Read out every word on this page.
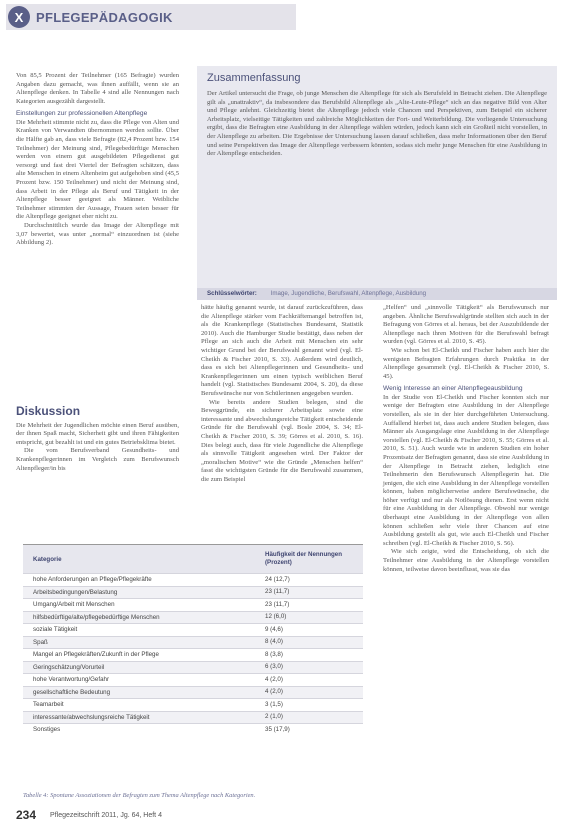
X PFLEGEPÄDAGOGIK

Von 85,5 Prozent der Teilnehmer (165 Befragte) wurden Angaben dazu gemacht, was ihnen auffällt, wenn sie an Altenpflege denken. In Tabelle 4 sind alle Nennungen nach Kategorien ausgezählt dargestellt.

Einstellungen zur professionellen Altenpflege

Die Mehrheit stimmte nicht zu, dass die Pflege von Alten und Kranken von Verwandten übernommen werden sollte. Über die Hälfte gab an, dass viele Befragte (82,4 Prozent bzw. 154 Teilnehmer) der Meinung sind, Pflegebedürftige Menschen werden von einem gut ausgebildeten Pflegedienst gut versorgt und fast drei Viertel der Befragten schätzen, dass alte Menschen in einem Altenheim gut aufgehoben sind (45,5 Prozent bzw. 150 Teilnehmer) und nicht der Meinung sind, dass Arbeit in der Pflege als Beruf und Tätigkeit in der Altenpflege besser geeignet als Männer. Weibliche Teilnehmer stimmten der Aussage, Frauen seien besser für die Altenpflege geeignet eher nicht zu.

Durchschnittlich wurde das Image der Altenpflege mit 3,07 bewertet, was unter „normal“ einzuordnen ist (siehe Abbildung 2).

Diskussion

Die Mehrheit der Jugendlichen möchte einen Beruf ausüben, der ihnen Spaß macht, Sicherheit gibt und ihren Fähigkeiten entspricht, gut bezahlt ist und ein gutes Betriebsklima bietet.

Die vom Berufsverband Gesundheits- und Krankenpflegerinnen im Vergleich zum Berufswunsch Altenpfleger/in bis

Zusammenfassung
Der Artikel untersucht die Frage, ob junge Menschen die Altenpflege für sich als Berufsfeld in Betracht ziehen. Die Altenpflege gilt als „unattraktiv“, da insbesondere das Berufsbild Altenpflege als „Alte-Leute-Pflege“ sich an das negative Bild von Alter und Pflege anlehnt. Gleichzeitig bietet die Altenpflege jedoch viele Chancen und Perspektiven, zum Beispiel ein sicherer Arbeitsplatz, vielseitige Tätigkeiten und zahlreiche Möglichkeiten der Fort- und Weiterbildung. Die vorliegende Untersuchung ergibt, dass die Befragten eine Ausbildung in der Altenpflege wählen würden, jedoch kann sich ein Großteil nicht vorstellen, in der Altenpflege zu arbeiten. Die Ergebnisse der Untersuchung lassen darauf schließen, dass mehr Informationen über den Beruf und seine Perspektiven das Image der Altenpflege verbessern könnten, sodass sich mehr junge Menschen für eine Ausbildung in der Altenpflege entscheiden.
Schlüsselwörter: Image, Jugendliche, Berufswahl, Altenpflege, Ausbildung

hätte häufig genannt wurde, ist darauf zurückzuführen, dass die Altenpflege stärker vom Fachkräftemangel betroffen ist, als die Krankenpflege (Statistisches Bundesamt, Statistik 2010). Auch die Hamburger Studie bestätigt, dass neben der Pflege an sich auch die Arbeit mit Menschen ein sehr wichtiger Grund bei der Berufswahl genannt wird (vgl. El-Cheikh & Fischer 2010, S. 33). Außerdem wird deutlich, dass es sich bei Altenpflegerinnen und Gesundheits- und Krankenpflegerinnen um einen typisch weiblichen Beruf handelt (vgl. Statistisches Bundesamt 2004, S. 20), da diese Berufswünsche nur von Schülerinnen angegeben wurden.

Wie bereits andere Studien belegen, sind die Beweggründe, ein sicherer Arbeitsplatz sowie eine interessante und abwechslungsreiche Tätigkeit entscheidende Gründe für die Berufswahl (vgl. Bosle 2004, S. 34; El-Cheikh & Fischer 2010, S. 39; Görres et al. 2010, S. 16). Dies belegt auch, dass für viele Jugendliche die Altenpflege als sinnvolle Tätigkeit angesehen wird. Der Faktor der „moralischen Motive“ wie die Gründe „Menschen helfen“ fasst die wichtigsten Gründe für die Berufswahl zusammen, die zum Beispiel

„Helfen“ und „sinnvolle Tätigkeit“ als Berufswunsch nur angeben. Ähnliche Berufswahlgründe stellten sich auch in der Befragung von Görres et al. heraus, bei der Auszubildende der Altenpflege nach ihren Motiven für die Berufswahl befragt wurden (vgl. Görres et al. 2010, S. 45).

Wie schon bei El-Cheikh und Fischer haben auch hier die wenigsten Befragten Erfahrungen durch Praktika in der Altenpflege gesammelt (vgl. El-Cheikh & Fischer 2010, S. 45).

Wenig Interesse an einer Altenpflegeausbildung

In der Studie von El-Cheikh und Fischer konnten sich nur wenige der Befragten eine Ausbildung in der Altenpflege vorstellen, als sie in der hier durchgeführten Untersuchung. Auffallend hierbei ist, dass auch andere Studien belegen, dass Männer als Ausgangslage eine Ausbildung in der Altenpflege vorstellen (vgl. El-Cheikh & Fischer 2010, S. 55; Görres et al. 2010, S. 51). Auch wurde wie in anderen Studien ein hoher Prozentsatz der Befragten genannt, dass sie eine Ausbildung in der Altenpflege in Betracht ziehen, lediglich eine Teilnehmerin den Berufswunsch Altenpflegerin hat. Die jenigen, die sich eine Ausbildung in der Altenpflege vorstellen können, haben möglicherweise andere Berufswünsche, die höher verfügt und nur als Notlösung dienen. Erst wenn nicht für eine Ausbildung in der Altenpflege. Obwohl nur wenige überhaupt eine Ausbildung in der Altenpflege von allen können schließen sehr viele ihrer Chancen auf eine Ausbildung gestellt als gut, wie auch El-Cheikh und Fischer schreiben (vgl. El-Cheikh & Fischer 2010, S. 56).

Wie sich zeigte, wird die Entscheidung, ob sich die Teilnehmer eine Ausbildung in der Altenpflege vorstellen können, teilweise davon beeinflusst, was sie das

Kategorie
Häufigkeit der Nennungen (Prozent)
hohe Anforderungen an Pflege/Pflegekräfte	24 (12,7)
Arbeitsbedingungen/Belastung	23 (11,7)
Umgang/Arbeit mit Menschen	23 (11,7)
hilfsbedürftige/alte/pflegebedürftige Menschen	12 (6,0)
soziale Tätigkeit	9 (4,6)
Spaß	8 (4,0)
Mangel an Pflegekräften/Zukunft in der Pflege	8 (3,8)
Geringschätzung/Vorurteil	6 (3,0)
hohe Verantwortung/Gefahr	4 (2,0)
gesellschaftliche Bedeutung	4 (2,0)
Teamarbeit	3 (1,5)
interessante/abwechslungsreiche Tätigkeit	2 (1,0)
Sonstiges	35 (17,9)
Tabelle 4: Spontane Assoziationen der Befragten zum Thema Altenpflege nach Kategorien.
234 Pflegezeitschrift 2011, Jg. 64, Heft 4
